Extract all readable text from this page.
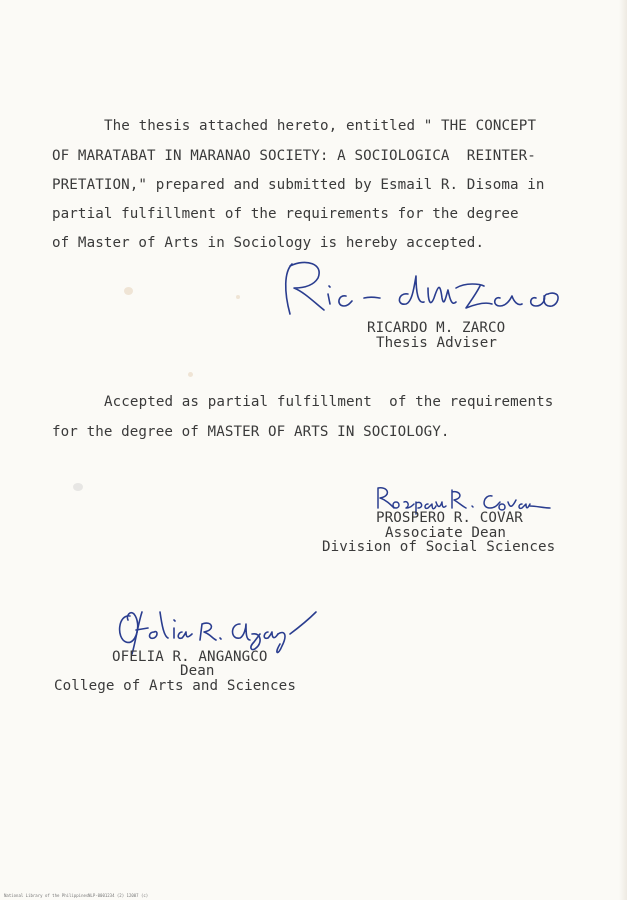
The thesis attached hereto, entitled " THE CONCEPT
OF MARATABAT IN MARANAO SOCIETY: A SOCIOLOGICA  REINTER-
PRETATION," prepared and submitted by Esmail R. Disoma in
partial fulfillment of the requirements for the degree
of Master of Arts in Sociology is hereby accepted.
RICARDO M. ZARCO
Thesis Adviser
Accepted as partial fulfillment  of the requirements
for the degree of MASTER OF ARTS IN SOCIOLOGY.
PROSPERO R. COVAR
Associate Dean
Division of Social Sciences
OFELIA R. ANGANGCO
Dean
College of Arts and Sciences
National Library of the Philippines NLP-0001234 (2) 12007 (c)
